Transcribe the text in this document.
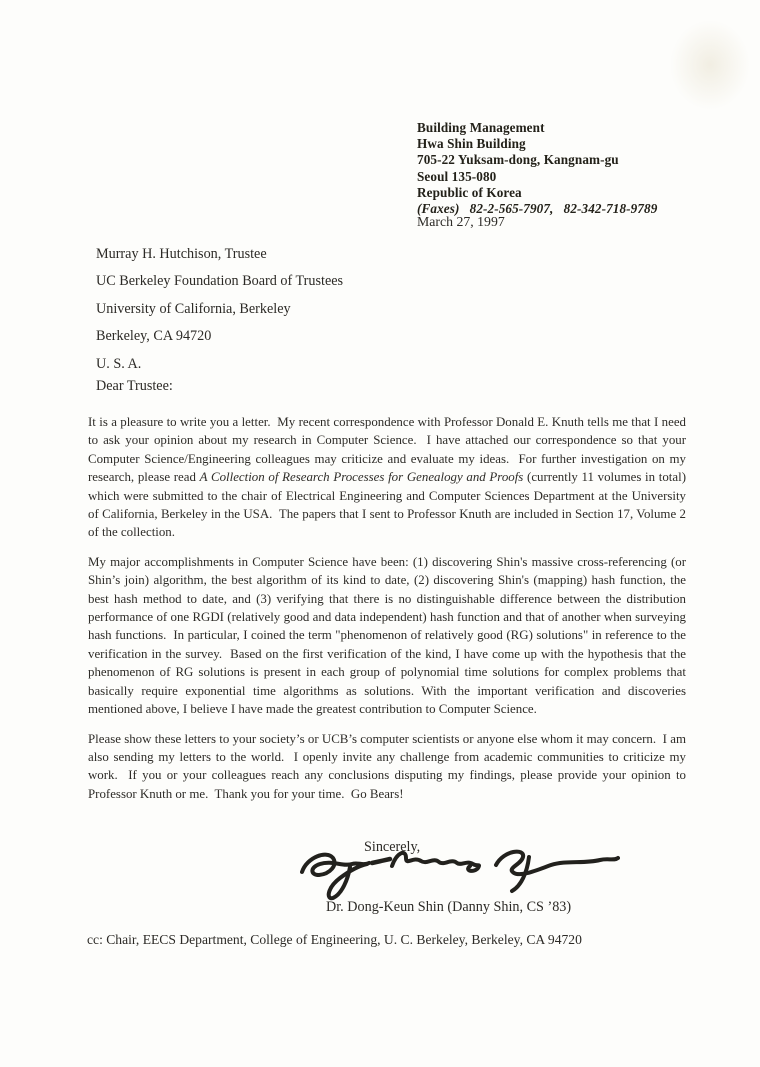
Building Management
Hwa Shin Building
705-22 Yuksam-dong, Kangnam-gu
Seoul 135-080
Republic of Korea
(Faxes)   82-2-565-7907,   82-342-718-9789
March 27, 1997
Murray H. Hutchison, Trustee
UC Berkeley Foundation Board of Trustees
University of California, Berkeley
Berkeley, CA 94720
U. S. A.
Dear Trustee:

It is a pleasure to write you a letter.  My recent correspondence with Professor Donald E. Knuth tells me that I need to ask your opinion about my research in Computer Science.  I have attached our correspondence so that your Computer Science/Engineering colleagues may criticize and evaluate my ideas.  For further investigation on my research, please read A Collection of Research Processes for Genealogy and Proofs (currently 11 volumes in total) which were submitted to the chair of Electrical Engineering and Computer Sciences Department at the University of California, Berkeley in the USA.  The papers that I sent to Professor Knuth are included in Section 17, Volume 2 of the collection.

My major accomplishments in Computer Science have been: (1) discovering Shin's massive cross-referencing (or Shin’s join) algorithm, the best algorithm of its kind to date, (2) discovering Shin's (mapping) hash function, the best hash method to date, and (3) verifying that there is no distinguishable difference between the distribution performance of one RGDI (relatively good and data independent) hash function and that of another when surveying hash functions.  In particular, I coined the term "phenomenon of relatively good (RG) solutions" in reference to the verification in the survey.  Based on the first verification of the kind, I have come up with the hypothesis that the phenomenon of RG solutions is present in each group of polynomial time solutions for complex problems that basically require exponential time algorithms as solutions. With the important verification and discoveries mentioned above, I believe I have made the greatest contribution to Computer Science.

Please show these letters to your society’s or UCB’s computer scientists or anyone else whom it may concern.  I am also sending my letters to the world.  I openly invite any challenge from academic communities to criticize my work.  If you or your colleagues reach any conclusions disputing my findings, please provide your opinion to Professor Knuth or me.  Thank you for your time.  Go Bears!

Sincerely,
Dr. Dong-Keun Shin (Danny Shin, CS ’83)
cc: Chair, EECS Department, College of Engineering, U. C. Berkeley, Berkeley, CA 94720
